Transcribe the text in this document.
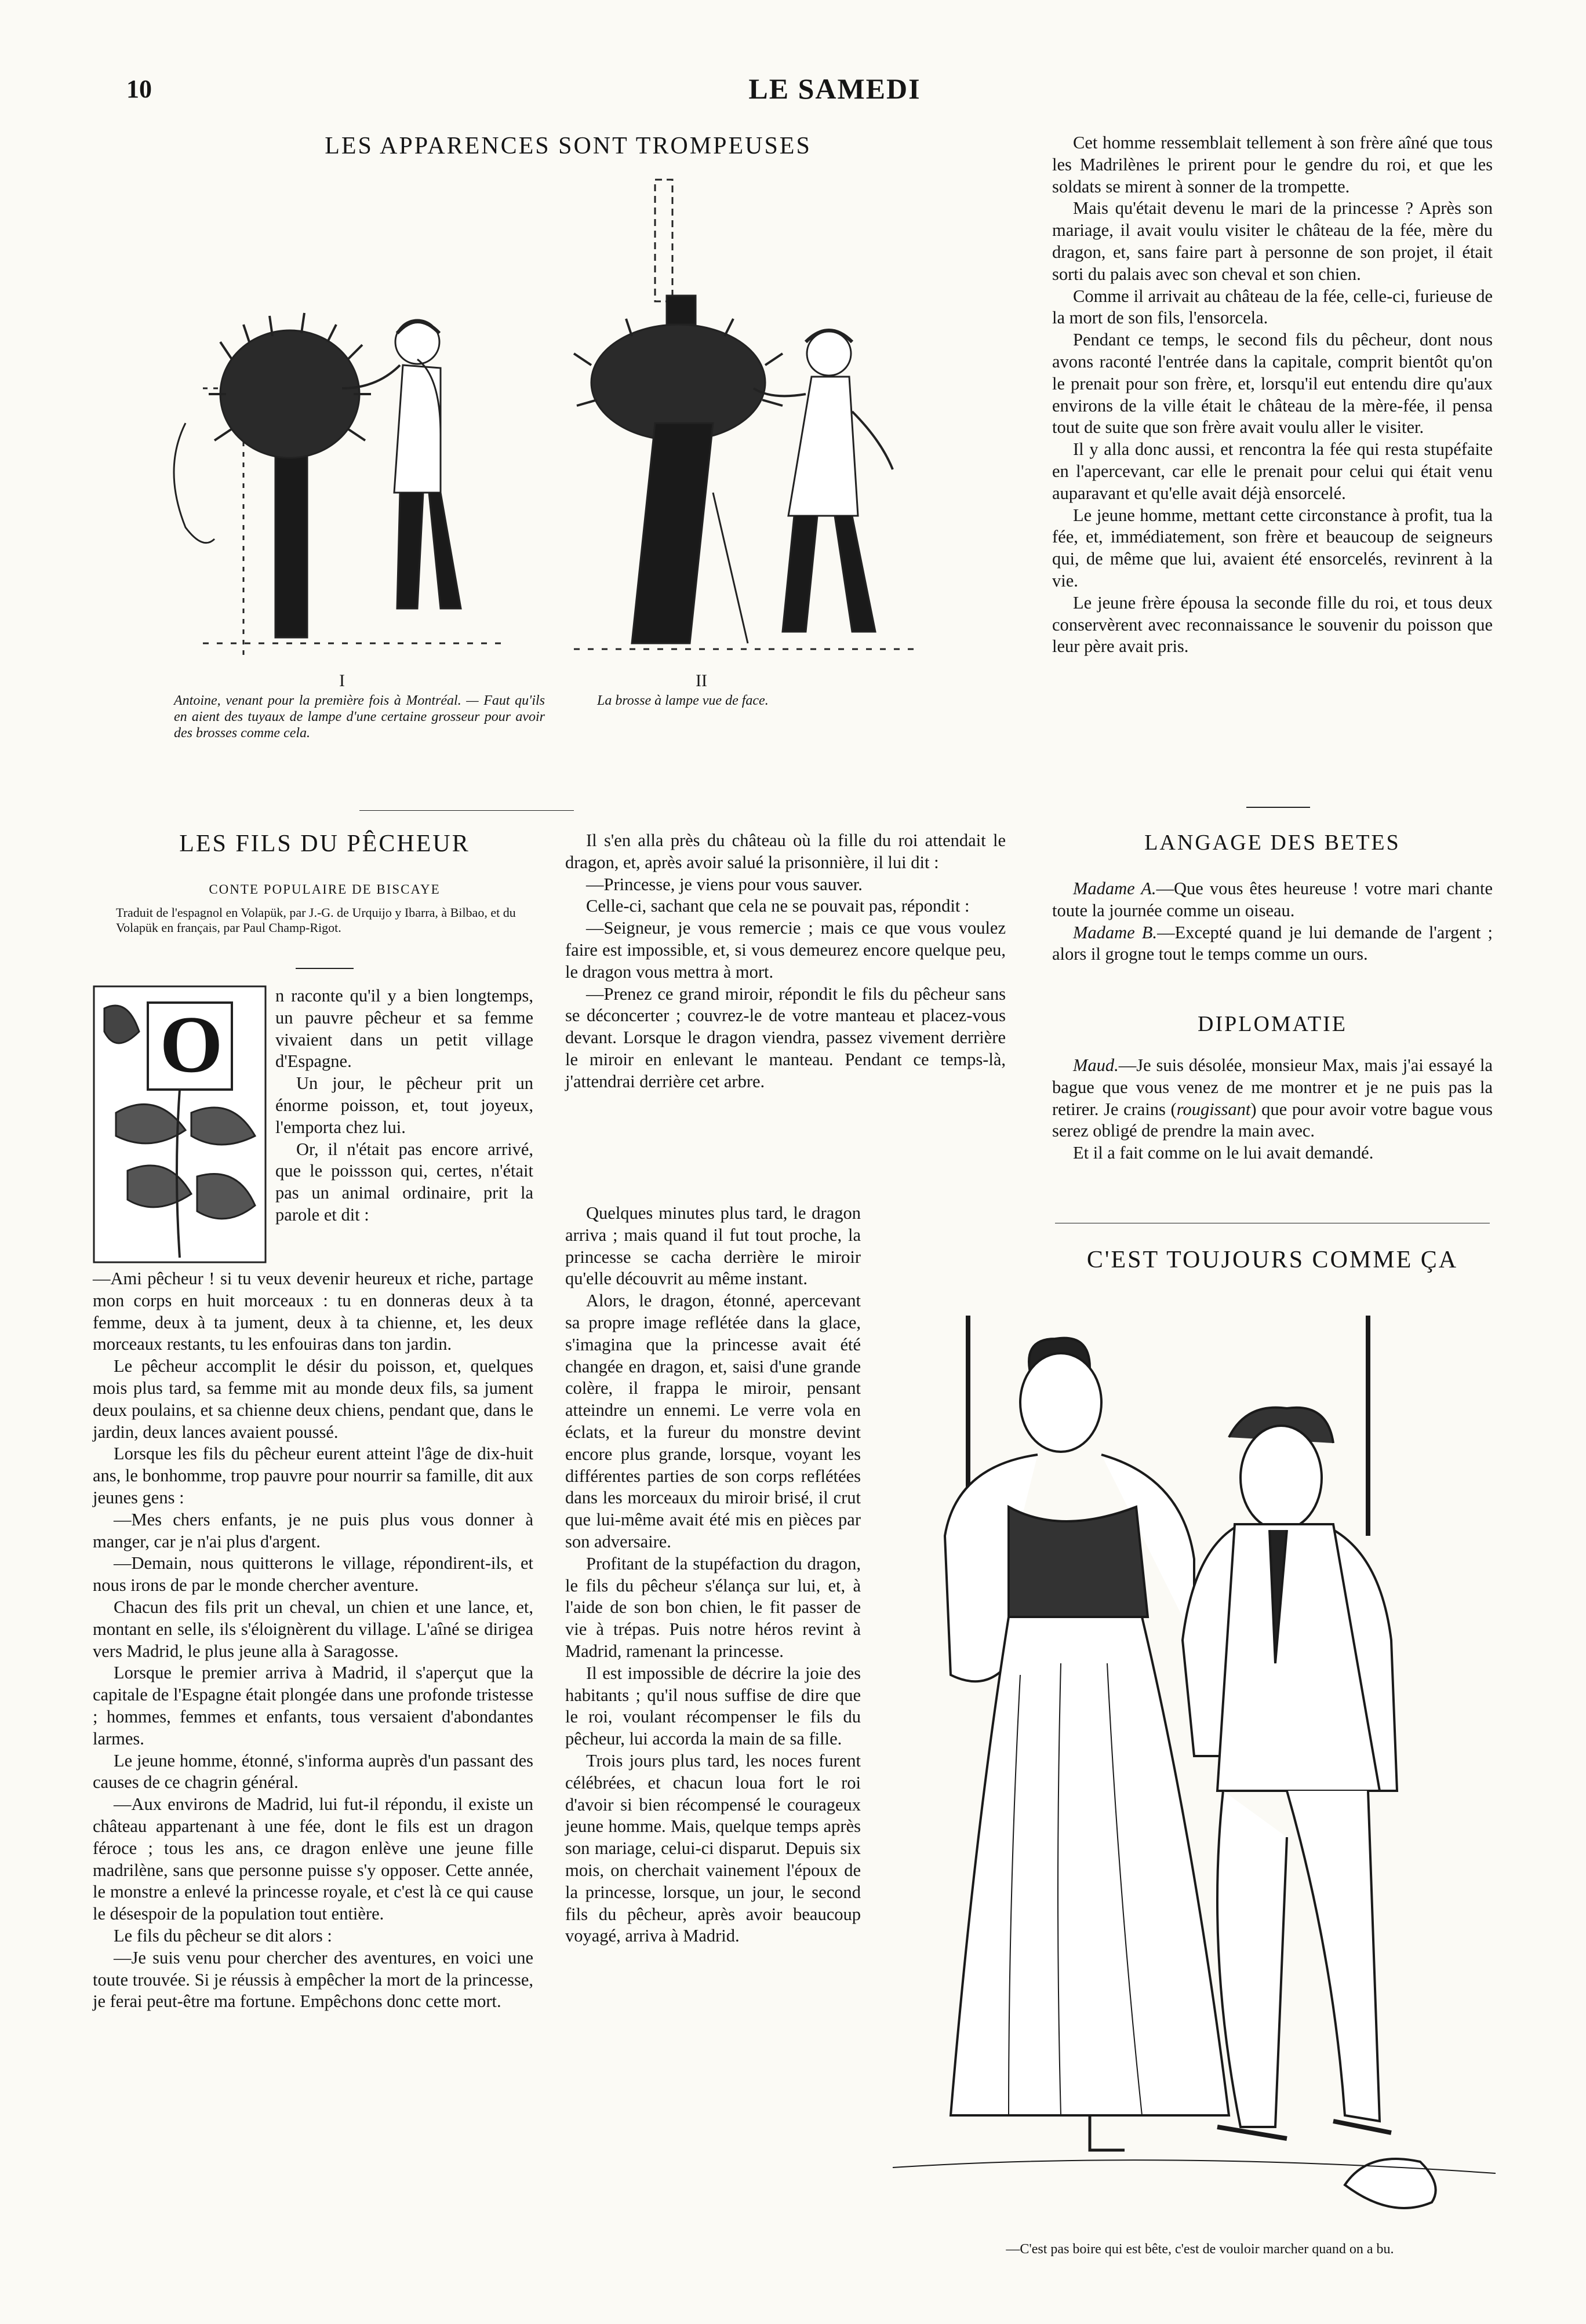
10	LE SAMEDI
LES APPARENCES SONT TROMPEUSES
I	II
Antoine, venant pour la première fois à Montréal. — Faut qu'ils en aient des tuyaux de lampe d'une certaine grosseur pour avoir des brosses comme cela.
La brosse à lampe vue de face.
LES FILS DU PÊCHEUR
CONTE POPULAIRE DE BISCAYE
Traduit de l'espagnol en Volapük, par J.-G. de Urquijo y Ibarra, à Bilbao, et du Volapük en français, par Paul Champ-Rigot.
O

n raconte qu'il y a bien longtemps, un pauvre pêcheur et sa femme vivaient dans un petit village d'Espagne.

Un jour, le pêcheur prit un énorme poisson, et, tout joyeux, l'emporta chez lui.

Or, il n'était pas encore arrivé, que le poissson qui, certes, n'était pas un animal ordinaire, prit la parole et dit :

—Ami pêcheur ! si tu veux devenir heureux et riche, partage mon corps en huit morceaux : tu en donneras deux à ta femme, deux à ta jument, deux à ta chienne, et, les deux morceaux restants, tu les enfouiras dans ton jardin.

Le pêcheur accomplit le désir du poisson, et, quelques mois plus tard, sa femme mit au monde deux fils, sa jument deux poulains, et sa chienne deux chiens, pendant que, dans le jardin, deux lances avaient poussé.

Lorsque les fils du pêcheur eurent atteint l'âge de dix-huit ans, le bonhomme, trop pauvre pour nourrir sa famille, dit aux jeunes gens :

—Mes chers enfants, je ne puis plus vous donner à manger, car je n'ai plus d'argent.

—Demain, nous quitterons le village, répondirent-ils, et nous irons de par le monde chercher aventure.

Chacun des fils prit un cheval, un chien et une lance, et, montant en selle, ils s'éloignèrent du village. L'aîné se dirigea vers Madrid, le plus jeune alla à Saragosse.

Lorsque le premier arriva à Madrid, il s'aperçut que la capitale de l'Espagne était plongée dans une profonde tristesse ; hommes, femmes et enfants, tous versaient d'abondantes larmes.

Le jeune homme, étonné, s'informa auprès d'un passant des causes de ce chagrin général.

—Aux environs de Madrid, lui fut-il répondu, il existe un château appartenant à une fée, dont le fils est un dragon féroce ; tous les ans, ce dragon enlève une jeune fille madrilène, sans que personne puisse s'y opposer. Cette année, le monstre a enlevé la princesse royale, et c'est là ce qui cause le désespoir de la population tout entière.

Le fils du pêcheur se dit alors :

—Je suis venu pour chercher des aventures, en voici une toute trouvée. Si je réussis à empêcher la mort de la princesse, je ferai peut-être ma fortune. Empêchons donc cette mort.

Il s'en alla près du château où la fille du roi attendait le dragon, et, après avoir salué la prisonnière, il lui dit :

—Princesse, je viens pour vous sauver.

Celle-ci, sachant que cela ne se pouvait pas, répondit :

—Seigneur, je vous remercie ; mais ce que vous voulez faire est impossible, et, si vous demeurez encore quelque peu, le dragon vous mettra à mort.

—Prenez ce grand miroir, répondit le fils du pêcheur sans se déconcerter ; couvrez-le de votre manteau et placez-vous devant. Lorsque le dragon viendra, passez vivement derrière le miroir en enlevant le manteau. Pendant ce temps-là, j'attendrai derrière cet arbre.

Quelques minutes plus tard, le dragon arriva ; mais quand il fut tout proche, la princesse se cacha derrière le miroir qu'elle découvrit au même instant.

Alors, le dragon, étonné, apercevant sa propre image reflétée dans la glace, s'imagina que la princesse avait été changée en dragon, et, saisi d'une grande colère, il frappa le miroir, pensant atteindre un ennemi. Le verre vola en éclats, et la fureur du monstre devint encore plus grande, lorsque, voyant les différentes parties de son corps reflétées dans les morceaux du miroir brisé, il crut que lui-même avait été mis en pièces par son adversaire.

Profitant de la stupéfaction du dragon, le fils du pêcheur s'élança sur lui, et, à l'aide de son bon chien, le fit passer de vie à trépas. Puis notre héros revint à Madrid, ramenant la princesse.

Il est impossible de décrire la joie des habitants ; qu'il nous suffise de dire que le roi, voulant récompenser le fils du pêcheur, lui accorda la main de sa fille.

Trois jours plus tard, les noces furent célébrées, et chacun loua fort le roi d'avoir si bien récompensé le courageux jeune homme. Mais, quelque temps après son mariage, celui-ci disparut. Depuis six mois, on cherchait vainement l'époux de la princesse, lorsque, un jour, le second fils du pêcheur, après avoir beaucoup voyagé, arriva à Madrid.

Cet homme ressemblait tellement à son frère aîné que tous les Madrilènes le prirent pour le gendre du roi, et que les soldats se mirent à sonner de la trompette.

Mais qu'était devenu le mari de la princesse ? Après son mariage, il avait voulu visiter le château de la fée, mère du dragon, et, sans faire part à personne de son projet, il était sorti du palais avec son cheval et son chien.

Comme il arrivait au château de la fée, celle-ci, furieuse de la mort de son fils, l'ensorcela.

Pendant ce temps, le second fils du pêcheur, dont nous avons raconté l'entrée dans la capitale, comprit bientôt qu'on le prenait pour son frère, et, lorsqu'il eut entendu dire qu'aux environs de la ville était le château de la mère-fée, il pensa tout de suite que son frère avait voulu aller le visiter.

Il y alla donc aussi, et rencontra la fée qui resta stupéfaite en l'apercevant, car elle le prenait pour celui qui était venu auparavant et qu'elle avait déjà ensorcelé.

Le jeune homme, mettant cette circonstance à profit, tua la fée, et, immédiatement, son frère et beaucoup de seigneurs qui, de même que lui, avaient été ensorcelés, revinrent à la vie.

Le jeune frère épousa la seconde fille du roi, et tous deux conservèrent avec reconnaissance le souvenir du poisson que leur père avait pris.

LANGAGE DES BETES

Madame A.—Que vous êtes heureuse ! votre mari chante toute la journée comme un oiseau.

Madame B.—Excepté quand je lui demande de l'argent ; alors il grogne tout le temps comme un ours.

DIPLOMATIE

Maud.—Je suis désolée, monsieur Max, mais j'ai essayé la bague que vous venez de me montrer et je ne puis pas la retirer. Je crains (rougissant) que pour avoir votre bague vous serez obligé de prendre la main avec.

Et il a fait comme on le lui avait demandé.

C'EST TOUJOURS COMME ÇA
—C'est pas boire qui est bête, c'est de vouloir marcher quand on a bu.
